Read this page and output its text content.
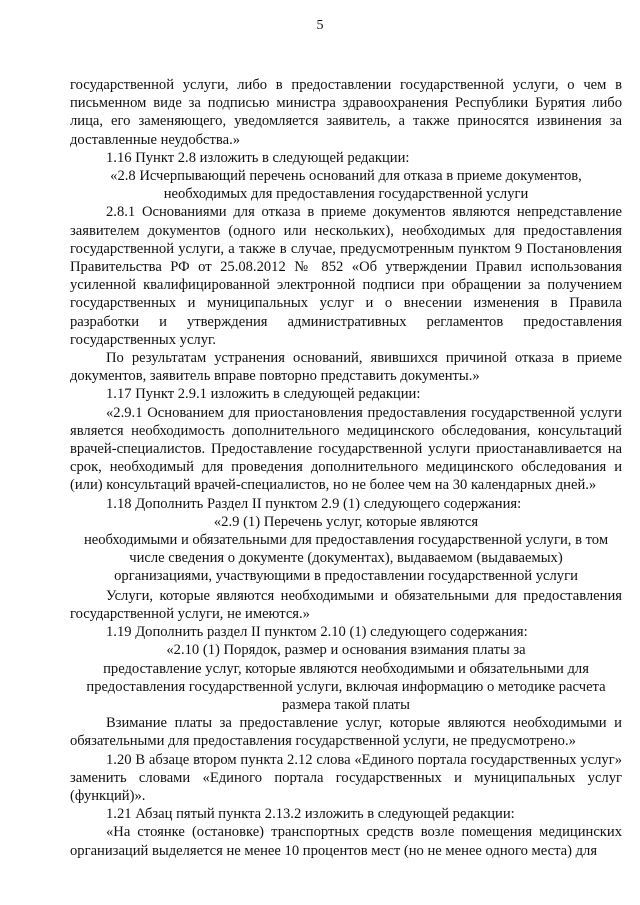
5

государственной услуги, либо в предоставлении государственной услуги, о чем в письменном виде за подписью министра здравоохранения Республики Бурятия либо лица, его заменяющего, уведомляется заявитель, а также приносятся извинения за доставленные неудобства.»

1.16 Пункт 2.8 изложить в следующей редакции:

«2.8 Исчерпывающий перечень оснований для отказа в приеме документов, необходимых для предоставления государственной услуги

2.8.1 Основаниями для отказа в приеме документов являются непредставление заявителем документов (одного или нескольких), необходимых для предоставления государственной услуги, а также в случае, предусмотренным пунктом 9 Постановления Правительства РФ от 25.08.2012 № 852 «Об утверждении Правил использования усиленной квалифицированной электронной подписи при обращении за получением государственных и муниципальных услуг и о внесении изменения в Правила разработки и утверждения административных регламентов предоставления государственных услуг.

По результатам устранения оснований, явившихся причиной отказа в приеме документов, заявитель вправе повторно представить документы.»

1.17 Пункт 2.9.1 изложить в следующей редакции:

«2.9.1 Основанием для приостановления предоставления государственной услуги является необходимость дополнительного медицинского обследования, консультаций врачей-специалистов. Предоставление государственной услуги приостанавливается на срок, необходимый для проведения дополнительного медицинского обследования и (или) консультаций врачей-специалистов, но не более чем на 30 календарных дней.»

1.18 Дополнить Раздел II пунктом 2.9 (1) следующего содержания:

«2.9 (1) Перечень услуг, которые являются

необходимыми и обязательными для предоставления государственной услуги, в том числе сведения о документе (документах), выдаваемом (выдаваемых) организациями, участвующими в предоставлении государственной услуги

Услуги, которые являются необходимыми и обязательными для предоставления государственной услуги, не имеются.»

1.19 Дополнить раздел II пунктом 2.10 (1) следующего содержания:

«2.10 (1) Порядок, размер и основания взимания платы за

предоставление услуг, которые являются необходимыми и обязательными для предоставления государственной услуги, включая информацию о методике расчета размера такой платы

Взимание платы за предоставление услуг, которые являются необходимыми и обязательными для предоставления государственной услуги, не предусмотрено.»

1.20 В абзаце втором пункта 2.12 слова «Единого портала государственных услуг» заменить словами «Единого портала государственных и муниципальных услуг (функций)».

1.21 Абзац пятый пункта 2.13.2 изложить в следующей редакции:

«На стоянке (остановке) транспортных средств возле помещения медицинских организаций выделяется не менее 10 процентов мест (но не менее одного места) для
